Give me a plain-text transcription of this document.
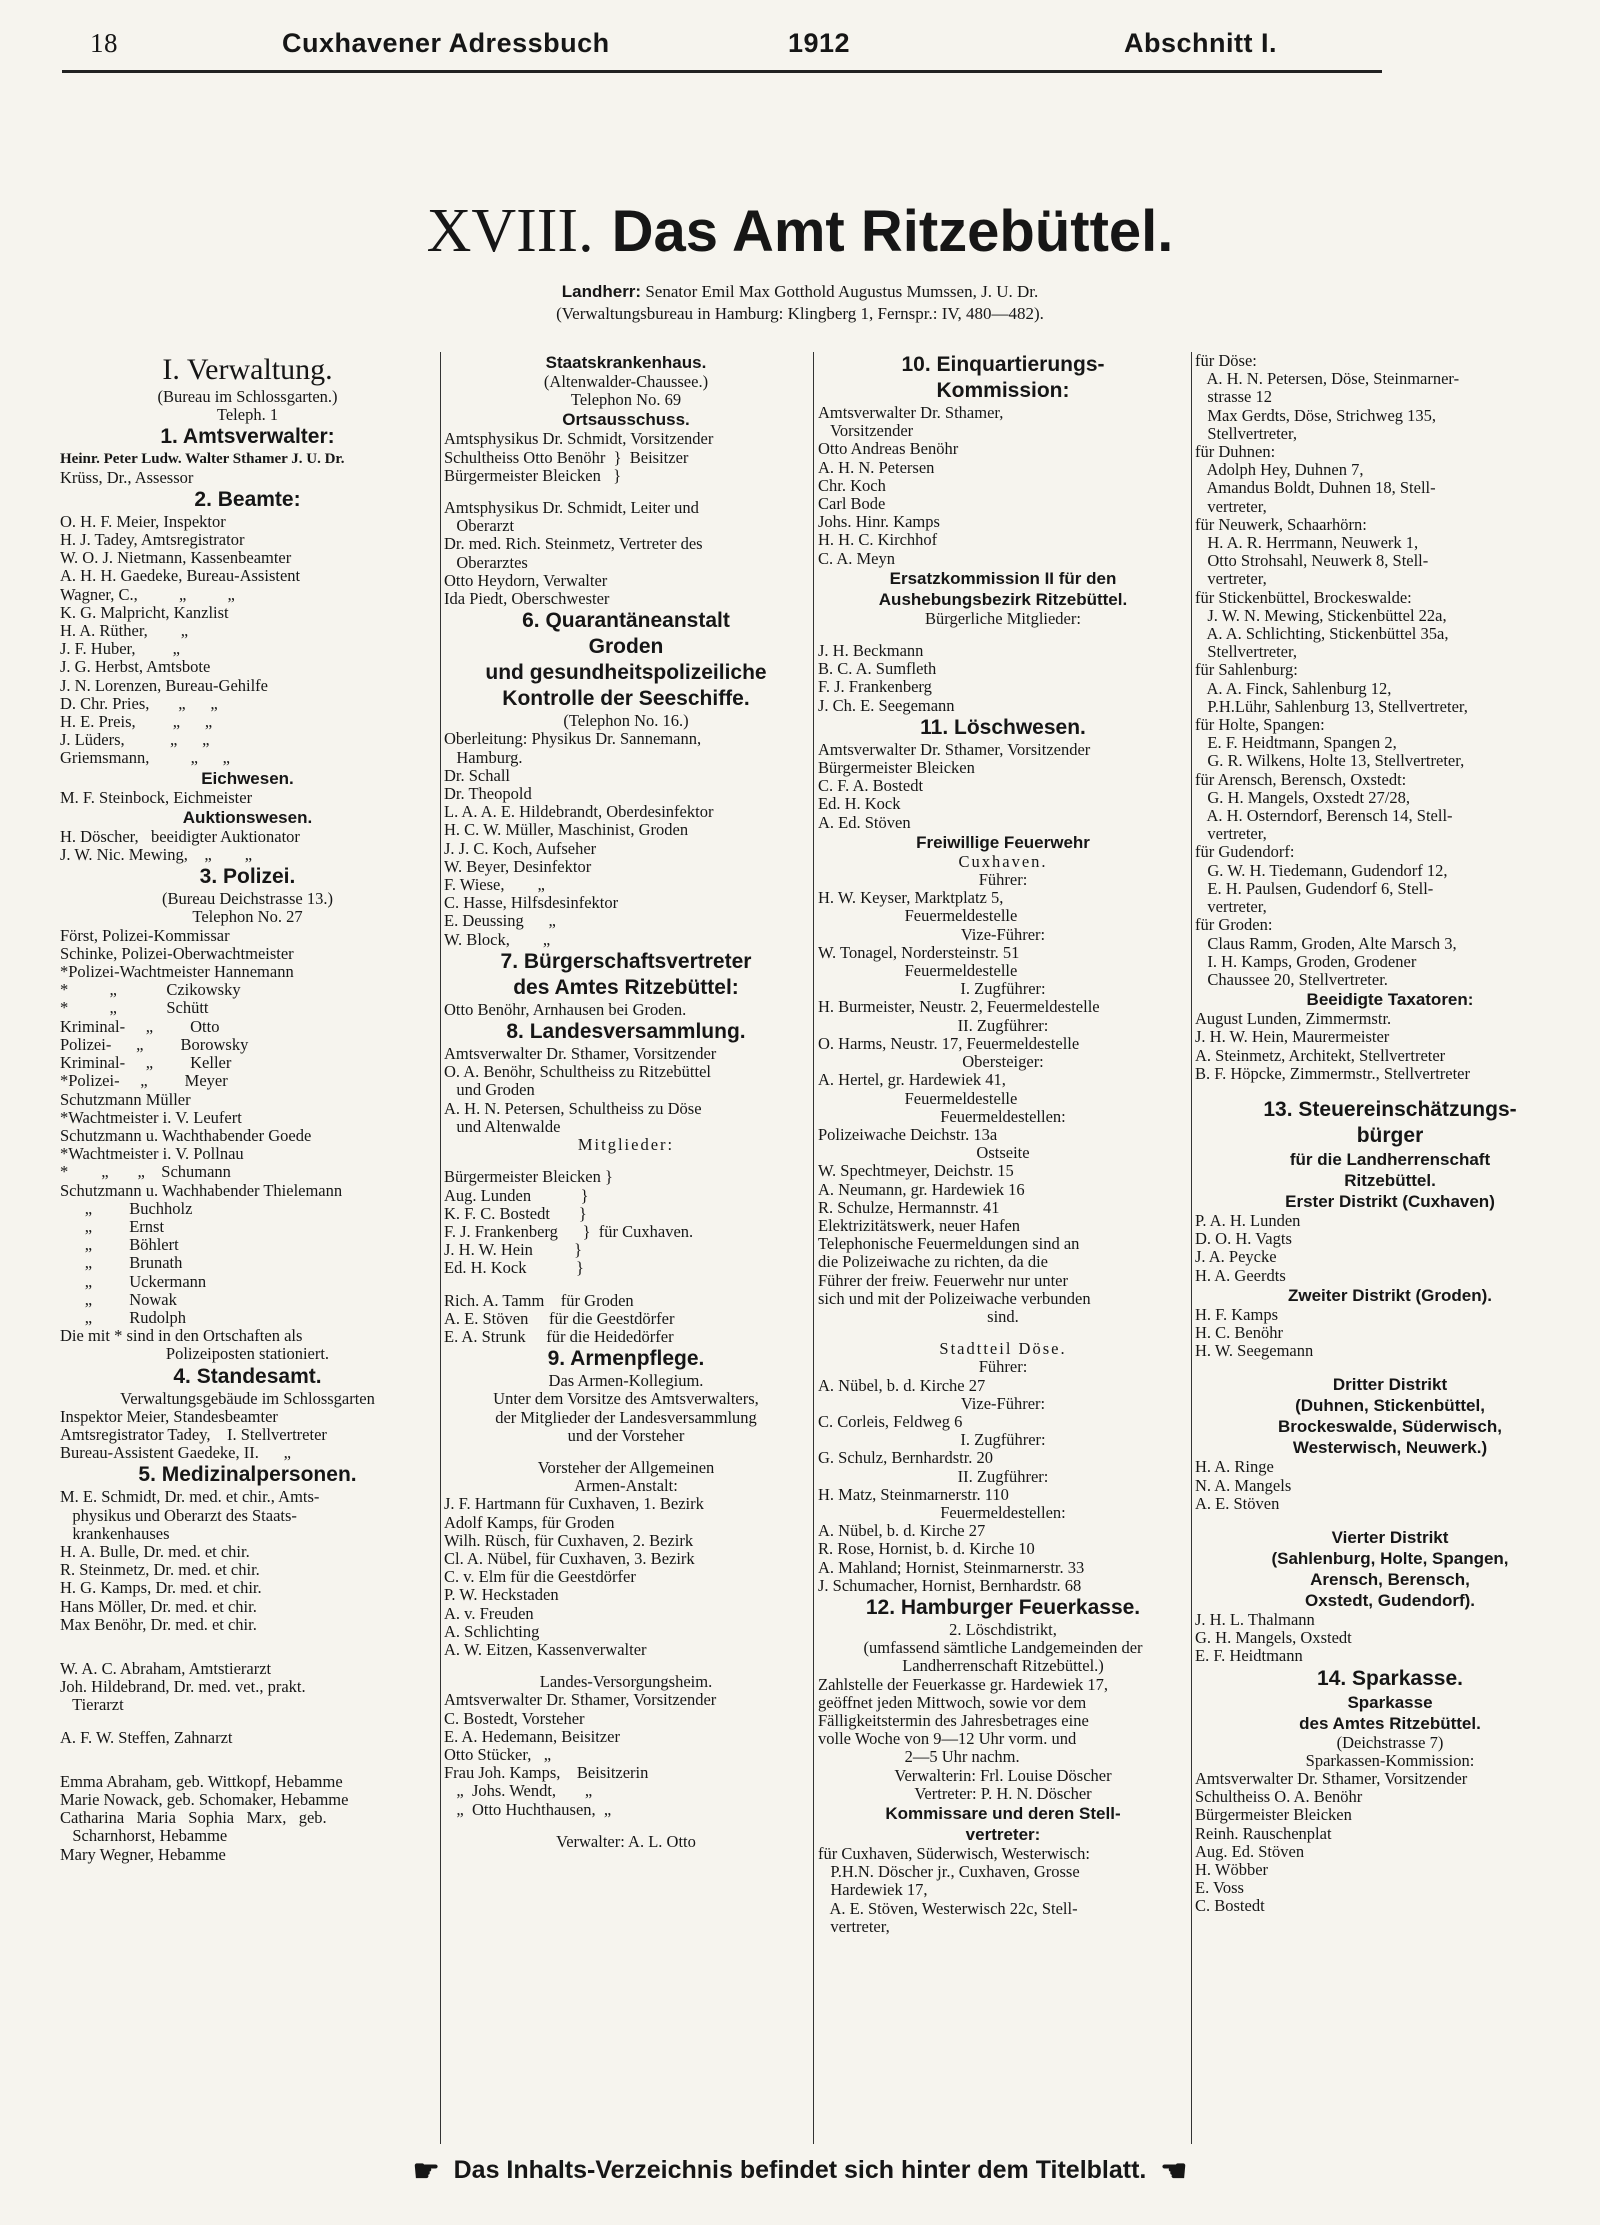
18	Cuxhavener Adressbuch	1912	Abschnitt I.
XVIII. Das Amt Ritzebüttel.
Landherr: Senator Emil Max Gotthold Augustus Mumssen, J. U. Dr.
(Verwaltungsbureau in Hamburg: Klingberg 1, Fernspr.: IV, 480—482).

I. Verwaltung.

(Bureau im Schlossgarten.)

Teleph. 1

1. Amtsverwalter:

Heinr. Peter Ludw. Walter Sthamer J. U. Dr.

Krüss, Dr., Assessor

2. Beamte:

O. H. F. Meier, Inspektor

H. J. Tadey, Amtsregistrator

W. O. J. Nietmann, Kassenbeamter

A. H. H. Gaedeke, Bureau-Assistent

Wagner, C.,          „          „

K. G. Malpricht, Kanzlist

H. A. Rüther,        „

J. F. Huber,         „

J. G. Herbst, Amtsbote

J. N. Lorenzen, Bureau-Gehilfe

D. Chr. Pries,       „      „

H. E. Preis,         „      „

J. Lüders,           „      „

Griemsmann,          „      „

Eichwesen.

M. F. Steinbock, Eichmeister

Auktionswesen.

H. Döscher,   beeidigter Auktionator

J. W. Nic. Mewing,    „        „

3. Polizei.

(Bureau Deichstrasse 13.)

Telephon No. 27

Först, Polizei-Kommissar

Schinke, Polizei-Oberwachtmeister

*Polizei-Wachtmeister Hannemann

*          „            Czikowsky

*          „            Schütt

Kriminal-     „         Otto

Polizei-      „         Borowsky

Kriminal-     „         Keller

*Polizei-     „         Meyer

Schutzmann Müller

*Wachtmeister i. V. Leufert

Schutzmann u. Wachthabender Goede

*Wachtmeister i. V. Pollnau

*        „       „    Schumann

Schutzmann u. Wachhabender Thielemann

„         Buchholz

„         Ernst

„         Böhlert

„         Brunath

„         Uckermann

„         Nowak

„         Rudolph

Die mit * sind in den Ortschaften als

Polizeiposten stationiert.

4. Standesamt.

Verwaltungsgebäude im Schlossgarten

Inspektor Meier, Standesbeamter

Amtsregistrator Tadey,    I. Stellvertreter

Bureau-Assistent Gaedeke, II.      „

5. Medizinalpersonen.

M. E. Schmidt, Dr. med. et chir., Amts-

physikus und Oberarzt des Staats-

krankenhauses

H. A. Bulle, Dr. med. et chir.

R. Steinmetz, Dr. med. et chir.

H. G. Kamps, Dr. med. et chir.

Hans Möller, Dr. med. et chir.

Max Benöhr, Dr. med. et chir.

W. A. C. Abraham, Amtstierarzt

Joh. Hildebrand, Dr. med. vet., prakt.

Tierarzt

A. F. W. Steffen, Zahnarzt

Emma Abraham, geb. Wittkopf, Hebamme

Marie Nowack, geb. Schomaker, Hebamme

Catharina   Maria   Sophia   Marx,   geb.

Scharnhorst, Hebamme

Mary Wegner, Hebamme

Staatskrankenhaus.

(Altenwalder-Chaussee.)

Telephon No. 69

Ortsausschuss.

Amtsphysikus Dr. Schmidt, Vorsitzender

Schultheiss Otto Benöhr  }  Beisitzer

Bürgermeister Bleicken   }

Amtsphysikus Dr. Schmidt, Leiter und

Oberarzt

Dr. med. Rich. Steinmetz, Vertreter des

Oberarztes

Otto Heydorn, Verwalter

Ida Piedt, Oberschwester

6. Quarantäneanstalt

Groden

und gesundheitspolizeiliche

Kontrolle der Seeschiffe.

(Telephon No. 16.)

Oberleitung: Physikus Dr. Sannemann,

Hamburg.

Dr. Schall

Dr. Theopold

L. A. A. E. Hildebrandt, Oberdesinfektor

H. C. W. Müller, Maschinist, Groden

J. J. C. Koch, Aufseher

W. Beyer, Desinfektor

F. Wiese,        „

C. Hasse, Hilfsdesinfektor

E. Deussing      „

W. Block,        „

7. Bürgerschaftsvertreter

des Amtes Ritzebüttel:

Otto Benöhr, Arnhausen bei Groden.

8. Landesversammlung.

Amtsverwalter Dr. Sthamer, Vorsitzender

O. A. Benöhr, Schultheiss zu Ritzebüttel

und Groden

A. H. N. Petersen, Schultheiss zu Döse

und Altenwalde

Mitglieder:

Bürgermeister Bleicken }

Aug. Lunden            }

K. F. C. Bostedt       }

F. J. Frankenberg      }  für Cuxhaven.

J. H. W. Hein          }

Ed. H. Kock            }

Rich. A. Tamm    für Groden

A. E. Stöven     für die Geestdörfer

E. A. Strunk     für die Heidedörfer

9. Armenpflege.

Das Armen-Kollegium.

Unter dem Vorsitze des Amtsverwalters,

der Mitglieder der Landesversammlung

und der Vorsteher

Vorsteher der Allgemeinen

Armen-Anstalt:

J. F. Hartmann für Cuxhaven, 1. Bezirk

Adolf Kamps, für Groden

Wilh. Rüsch, für Cuxhaven, 2. Bezirk

Cl. A. Nübel, für Cuxhaven, 3. Bezirk

C. v. Elm für die Geestdörfer

P. W. Heckstaden

A. v. Freuden

A. Schlichting

A. W. Eitzen, Kassenverwalter

Landes-Versorgungsheim.

Amtsverwalter Dr. Sthamer, Vorsitzender

C. Bostedt, Vorsteher

E. A. Hedemann, Beisitzer

Otto Stücker,   „

Frau Joh. Kamps,    Beisitzerin

„  Johs. Wendt,       „

„  Otto Huchthausen,  „

Verwalter: A. L. Otto

10. Einquartierungs-

Kommission:

Amtsverwalter Dr. Sthamer,

Vorsitzender

Otto Andreas Benöhr

A. H. N. Petersen

Chr. Koch

Carl Bode

Johs. Hinr. Kamps

H. H. C. Kirchhof

C. A. Meyn

Ersatzkommission II für den

Aushebungsbezirk Ritzebüttel.

Bürgerliche Mitglieder:

J. H. Beckmann

B. C. A. Sumfleth

F. J. Frankenberg

J. Ch. E. Seegemann

11. Löschwesen.

Amtsverwalter Dr. Sthamer, Vorsitzender

Bürgermeister Bleicken

C. F. A. Bostedt

Ed. H. Kock

A. Ed. Stöven

Freiwillige Feuerwehr

Cuxhaven.

Führer:

H. W. Keyser, Marktplatz 5,

Feuermeldestelle

Vize-Führer:

W. Tonagel, Nordersteinstr. 51

Feuermeldestelle

I. Zugführer:

H. Burmeister, Neustr. 2, Feuermeldestelle

II. Zugführer:

O. Harms, Neustr. 17, Feuermeldestelle

Obersteiger:

A. Hertel, gr. Hardewiek 41,

Feuermeldestelle

Feuermeldestellen:

Polizeiwache Deichstr. 13a

Ostseite

W. Spechtmeyer, Deichstr. 15

A. Neumann, gr. Hardewiek 16

R. Schulze, Hermannstr. 41

Elektrizitätswerk, neuer Hafen

Telephonische Feuermeldungen sind an

die Polizeiwache zu richten, da die

Führer der freiw. Feuerwehr nur unter

sich und mit der Polizeiwache verbunden

sind.

Stadtteil Döse.

Führer:

A. Nübel, b. d. Kirche 27

Vize-Führer:

C. Corleis, Feldweg 6

I. Zugführer:

G. Schulz, Bernhardstr. 20

II. Zugführer:

H. Matz, Steinmarnerstr. 110

Feuermeldestellen:

A. Nübel, b. d. Kirche 27

R. Rose, Hornist, b. d. Kirche 10

A. Mahland; Hornist, Steinmarnerstr. 33

J. Schumacher, Hornist, Bernhardstr. 68

12. Hamburger Feuerkasse.

2. Löschdistrikt,

(umfassend sämtliche Landgemeinden der

Landherrenschaft Ritzebüttel.)

Zahlstelle der Feuerkasse gr. Hardewiek 17,

geöffnet jeden Mittwoch, sowie vor dem

Fälligkeitstermin des Jahresbetrages eine

volle Woche von 9—12 Uhr vorm. und

2—5 Uhr nachm.

Verwalterin: Frl. Louise Döscher

Vertreter: P. H. N. Döscher

Kommissare und deren Stell-

vertreter:

für Cuxhaven, Süderwisch, Westerwisch:

P.H.N. Döscher jr., Cuxhaven, Grosse

Hardewiek 17,

A. E. Stöven, Westerwisch 22c, Stell-

vertreter,

für Döse:

A. H. N. Petersen, Döse, Steinmarner-

strasse 12

Max Gerdts, Döse, Strichweg 135,

Stellvertreter,

für Duhnen:

Adolph Hey, Duhnen 7,

Amandus Boldt, Duhnen 18, Stell-

vertreter,

für Neuwerk, Schaarhörn:

H. A. R. Herrmann, Neuwerk 1,

Otto Strohsahl, Neuwerk 8, Stell-

vertreter,

für Stickenbüttel, Brockeswalde:

J. W. N. Mewing, Stickenbüttel 22a,

A. A. Schlichting, Stickenbüttel 35a,

Stellvertreter,

für Sahlenburg:

A. A. Finck, Sahlenburg 12,

P.H.Lühr, Sahlenburg 13, Stellvertreter,

für Holte, Spangen:

E. F. Heidtmann, Spangen 2,

G. R. Wilkens, Holte 13, Stellvertreter,

für Arensch, Berensch, Oxstedt:

G. H. Mangels, Oxstedt 27/28,

A. H. Osterndorf, Berensch 14, Stell-

vertreter,

für Gudendorf:

G. W. H. Tiedemann, Gudendorf 12,

E. H. Paulsen, Gudendorf 6, Stell-

vertreter,

für Groden:

Claus Ramm, Groden, Alte Marsch 3,

I. H. Kamps, Groden, Grodener

Chaussee 20, Stellvertreter.

Beeidigte Taxatoren:

August Lunden, Zimmermstr.

J. H. W. Hein, Maurermeister

A. Steinmetz, Architekt, Stellvertreter

B. F. Höpcke, Zimmermstr., Stellvertreter

13. Steuereinschätzungs-

bürger

für die Landherrenschaft

Ritzebüttel.

Erster Distrikt (Cuxhaven)

P. A. H. Lunden

D. O. H. Vagts

J. A. Peycke

H. A. Geerdts

Zweiter Distrikt (Groden).

H. F. Kamps

H. C. Benöhr

H. W. Seegemann

Dritter Distrikt

(Duhnen, Stickenbüttel,

Brockeswalde, Süderwisch,

Westerwisch, Neuwerk.)

H. A. Ringe

N. A. Mangels

A. E. Stöven

Vierter Distrikt

(Sahlenburg, Holte, Spangen,

Arensch, Berensch,

Oxstedt, Gudendorf).

J. H. L. Thalmann

G. H. Mangels, Oxstedt

E. F. Heidtmann

14. Sparkasse.

Sparkasse

des Amtes Ritzebüttel.

(Deichstrasse 7)

Sparkassen-Kommission:

Amtsverwalter Dr. Sthamer, Vorsitzender

Schultheiss O. A. Benöhr

Bürgermeister Bleicken

Reinh. Rauschenplat

Aug. Ed. Stöven

H. Wöbber

E. Voss

C. Bostedt

☛ Das Inhalts-Verzeichnis befindet sich hinter dem Titelblatt. ☚
